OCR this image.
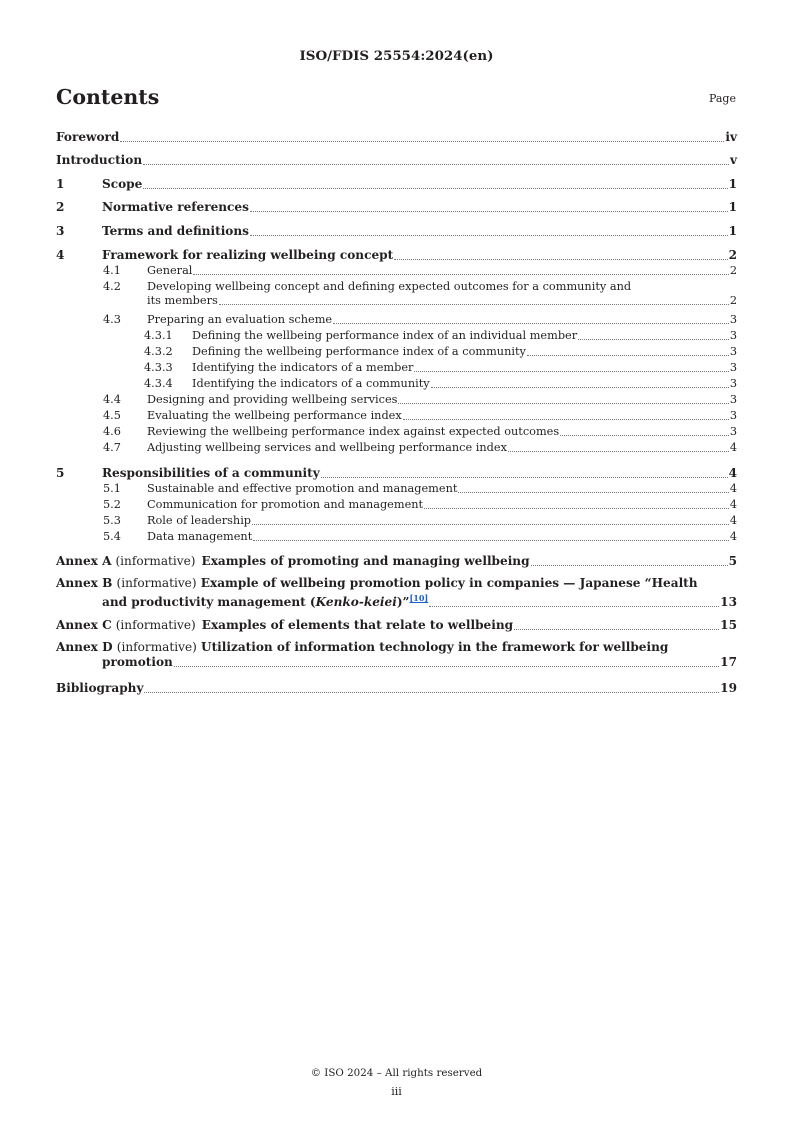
ISO/FDIS 25554:2024(en)
Contents	Page
Foreword	iv
Introduction	v
1	Scope	1
2	Normative references	1
3	Terms and definitions	1
4	Framework for realizing wellbeing concept	2
4.1	General	2
4.2 Developing wellbeing concept and defining expected outcomes for a community and
its members	2
4.3	Preparing an evaluation scheme	3
4.3.1	Defining the wellbeing performance index of an individual member	3
4.3.2	Defining the wellbeing performance index of a community	3
4.3.3	Identifying the indicators of a member	3
4.3.4	Identifying the indicators of a community	3
4.4	Designing and providing wellbeing services	3
4.5	Evaluating the wellbeing performance index	3
4.6	Reviewing the wellbeing performance index against expected outcomes	3
4.7	Adjusting wellbeing services and wellbeing performance index	4
5	Responsibilities of a community	4
5.1	Sustainable and effective promotion and management	4
5.2	Communication for promotion and management	4
5.3	Role of leadership	4
5.4	Data management	4
Annex A (informative) Examples of promoting and managing wellbeing	5
Annex B (informative) Example of wellbeing promotion policy in companies — Japanese “Health
and productivity management (Kenko-keiei)”[10]	13
Annex C (informative) Examples of elements that relate to wellbeing	15
Annex D (informative) Utilization of information technology in the framework for wellbeing
promotion	17
Bibliography	19
© ISO 2024 – All rights reserved
iii
